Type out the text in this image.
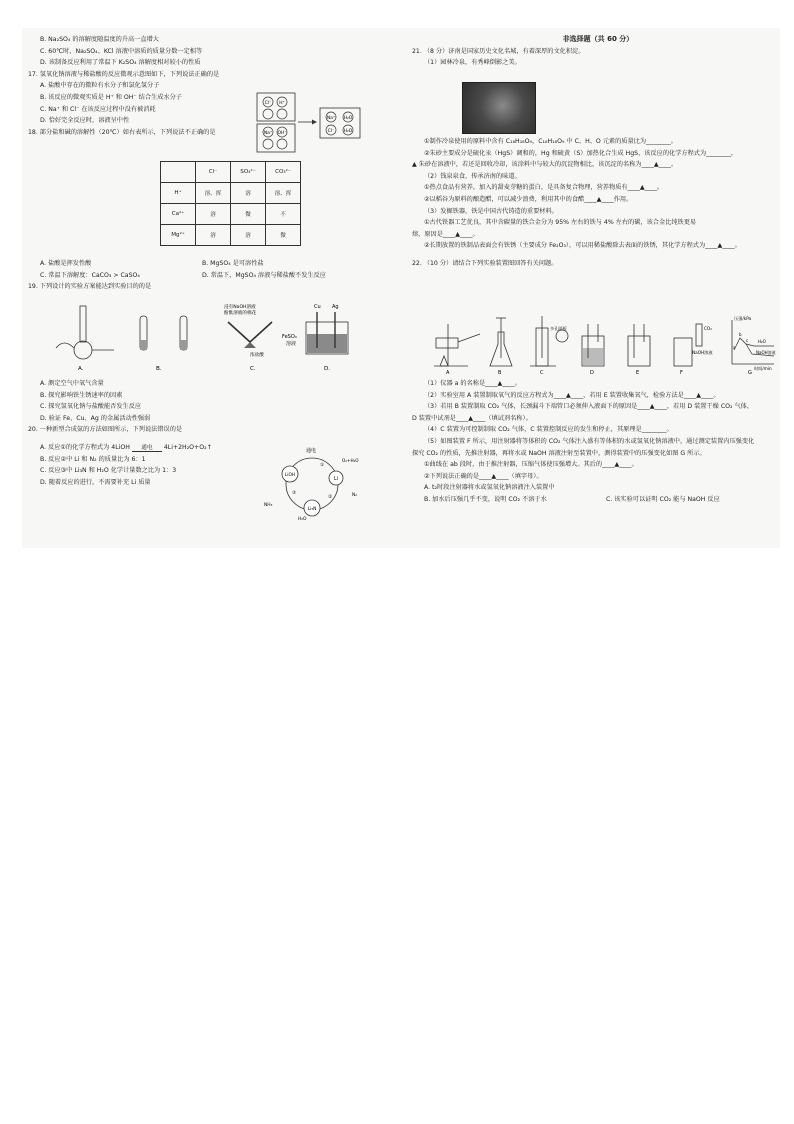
B. Na₂SO₄ 的溶解度随温度的升高一直增大
C. 60℃时，Na₂SO₄、KCl 溶液中溶质的质量分数一定相等
D. 该制备反应利用了常温下 K₂SO₄ 溶解度相对较小的性质
17. 氢氧化钠溶液与稀盐酸的反应微观示意图如下，下列说法正确的是
A. 盐酸中存在的微粒有水分子和氯化氢分子
B. 该反应的微观实质是 H⁺ 和 OH⁻ 结合生成水分子
C. Na⁺ 和 Cl⁻ 在该反应过程中没有被消耗
D. 恰好完全反应时，溶液呈中性
18. 部分盐和碱的溶解性（20℃）如右表所示，下列说法不正确的是
Cl⁻ H⁺
Na⁺ OH⁻
Na⁺ H₂O
Cl⁻ H₂O
	Cl⁻	SO₄²⁻	CO₃²⁻
H⁺	溶、挥	溶	溶、挥
Ca²⁺	溶	微	不
Mg²⁺	溶	溶	微
A. 盐酸是挥发性酸	B. MgSO₄ 是可溶性盐
C. 常温下溶解度：CaCO₃ > CaSO₄	D. 常温下，MgSO₄ 溶液与稀盐酸不发生反应
19. 下列设计的实验方案能达到实验目的的是
A.	B.
浸有NaOH溶液
酚酞溶液的棉花
浓盐酸
C.
Cu Ag
FeSO₄
溶液
D.
A. 测定空气中氧气含量
B. 探究影响铁生锈速率的因素
C. 探究氢氧化钠与盐酸能否发生反应
D. 验证 Fe、Cu、Ag 的金属活动性强弱
20. 一种新型合成氨的方法如图所示，下列说法错误的是
A. 反应①的化学方程式为 4LiOH 通电 4Li+2H₂O+O₂↑
B. 反应②中 Li 和 N₂ 的质量比为 6：1
C. 反应③中 Li₃N 和 H₂O 化学计量数之比为 1：3
D. 随着反应的进行，不需要补充 Li 质量
通电
LiOH
Li
Li₃N
O₂+H₂O
N₂
NH₃
H₂O
①
②
③
非选择题（共 60 分）
21. （8 分）济南是国家历史文化名城，有着深厚的文化积淀。
（1）园林冷泉，有秀峰倒影之美。
①制作冷泉使用的原料中含有 C₁₆H₁₈O₉，C₁₆H₁₈O₉ 中 C、H、O 元素的质量比为________。
②朱砂主要成分是硫化汞（HgS）调和的，Hg 和硫黄（S）加热化合生成 HgS，该反应的化学方程式为________，
▲ 朱砂在溶液中，若还是回收冷却，该涂料中与较大的沉淀物相比，该沉淀的名称为____▲____。
（2）钱泉泉食，传承济南的味道。
①热点食品有营养，加入的甜麦芽糖的蛋白，是具备复合物理，营养物质有____▲____。
②以稻谷为原料的酿造醋，可以减少浪费，利用其中的食醋____▲____作用。
（3）发掘铁器，铁是中国古代铸造的重要材料。
①古代铁器工艺优良，其中含碳量的铁合金分为 95% 左右的铁与 4% 左右的碳，该合金比纯铁更易
熔，原因是____▲____。
②长期放置的铁制品表面会有铁锈（主要成分 Fe₂O₃），可以用稀盐酸除去表面的铁锈，其化学方程式为____▲____。
22. （10 分）请结合下列实验装置图回答有关问题。
A	B
多孔隔板
C	D	E
CO₂
NaOH溶液
F
压强/kPa
时间/min
H₂O
NaOH溶液
a
b
c
G
（1）仪器 a 的名称是____▲____。
（2）实验室用 A 装置制取氧气的反应方程式为____▲____，若用 E 装置收集氧气，检验方法是____▲____。
（3）若用 B 装置制取 CO₂ 气体，长颈漏斗下端管口必须伸入液面下的原因是____▲____，若用 D 装置干燥 CO₂ 气体，
D 装置中试剂是____▲____（填试剂名称）。
（4）C 装置为可控制制取 CO₂ 气体，C 装置控制反应的发生和停止，其原理是________。
（5）如图装置 F 所示，用注射器将等体积的 CO₂ 气体注入盛有等体积的水或氢氧化钠溶液中，通过测定装置内压强变化
探究 CO₂ 的性质，先推注射器，再将水或 NaOH 溶液注射至装置中，测得装置中的压强变化如图 G 所示。
①曲线在 ab 段时，由于推注射器，压缩气体使压强增大。其后的____▲____。
②下列说法正确的是____▲____（填字母）。
A. t₂时段注射器将水或氢氧化钠溶液注入装置中
B. 加水后压强几乎不变，说明 CO₂ 不溶于水	C. 该实验可以证明 CO₂ 能与 NaOH 反应
